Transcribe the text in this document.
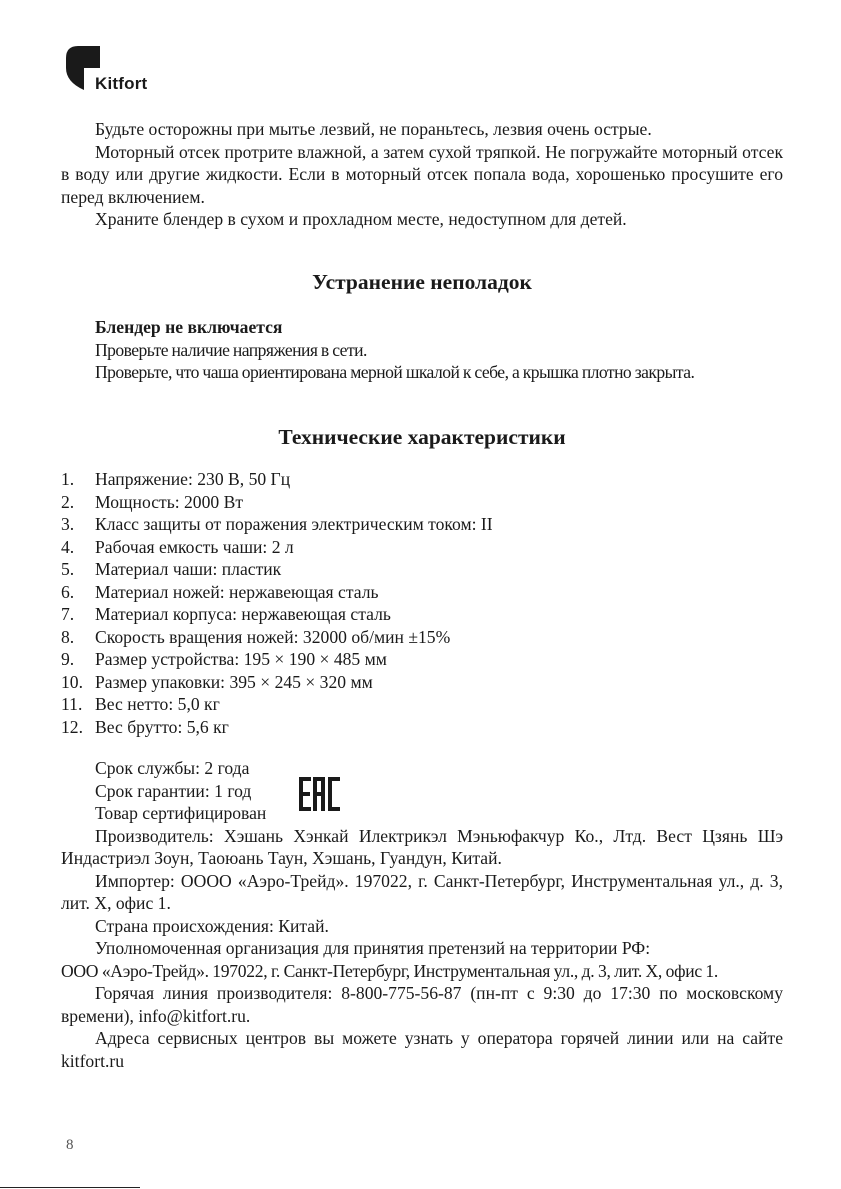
Kitfort

Будьте осторожны при мытье лезвий, не пораньтесь, лезвия очень острые.

Моторный отсек протрите влажной, а затем сухой тряпкой. Не погружайте моторный отсек в воду или другие жидкости. Если в моторный отсек попала вода, хорошенько просушите его перед включением.

Храните блендер в сухом и прохладном месте, недоступном для детей.

Устранение неполадок
Блендер не включается
Проверьте наличие напряжения в сети.
Проверьте, что чаша ориентирована мерной шкалой к себе, а крышка плотно закрыта.
Технические характеристики
1. Напряжение: 230 В, 50 Гц
2. Мощность: 2000 Вт
3. Класс защиты от поражения электрическим током: II
4. Рабочая емкость чаши: 2 л
5. Материал чаши: пластик
6. Материал ножей: нержавеющая сталь
7. Материал корпуса: нержавеющая сталь
8. Скорость вращения ножей: 32000 об/мин ±15%
9. Размер устройства: 195 × 190 × 485 мм
10. Размер упаковки: 395 × 245 × 320 мм
11. Вес нетто: 5,0 кг
12. Вес брутто: 5,6 кг

Срок службы: 2 года

Срок гарантии: 1 год

Товар сертифицирован

Производитель: Хэшань Хэнкай Илектрикэл Мэньюфакчур Ко., Лтд. Вест Цзянь Шэ Индастриэл Зоун, Таоюань Таун, Хэшань, Гуандун, Китай.

Импортер: ОООО «Аэро-Трейд». 197022, г. Санкт-Петербург, Инструментальная ул., д. 3, лит. Х, офис 1.

Страна происхождения: Китай.

Уполномоченная организация для принятия претензий на территории РФ:

ООО «Аэро-Трейд». 197022, г. Санкт-Петербург, Инструментальная ул., д. 3, лит. Х, офис 1.

Горячая линия производителя: 8-800-775-56-87 (пн-пт с 9:30 до 17:30 по московскому времени), info@kitfort.ru.

Адреса сервисных центров вы можете узнать у оператора горячей линии или на сайте kitfort.ru

8
